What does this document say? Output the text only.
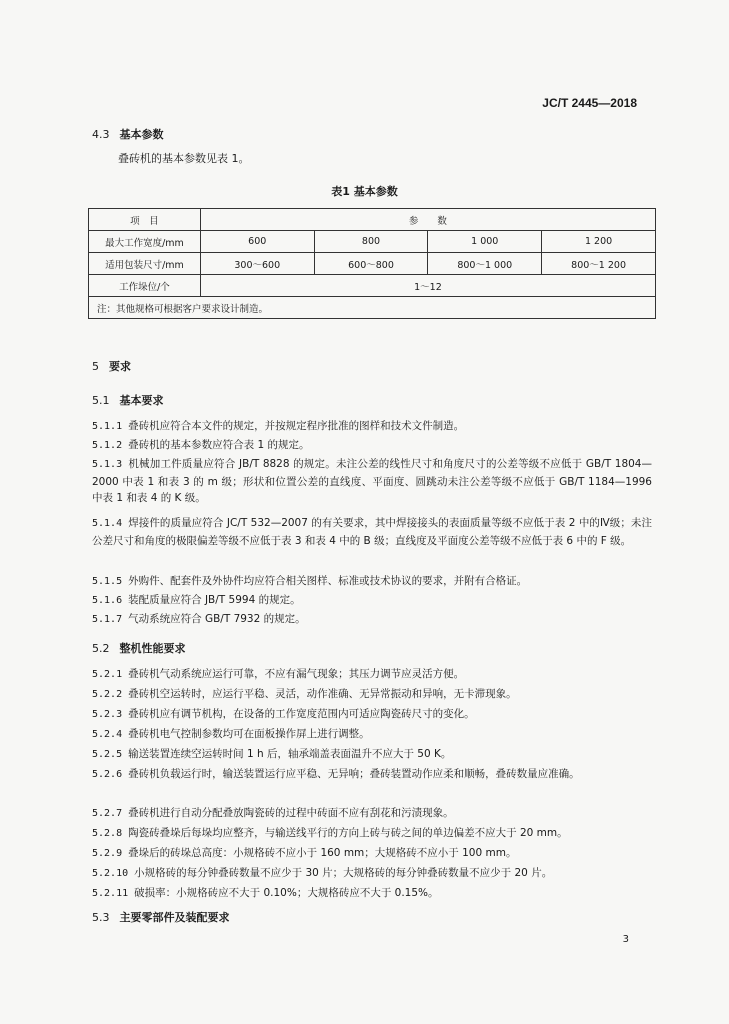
JC/T 2445—2018
4.3 基本参数
叠砖机的基本参数见表 1。
表1 基本参数
项　目	参　　数			
最大工作宽度/mm	600	800	1 000	1 200
适用包装尺寸/mm	300～600	600～800	800～1 000	800～1 200
工作垛位/个	1～12			
注：其他规格可根据客户要求设计制造。				
5 要求
5.1 基本要求
5.1.1 叠砖机应符合本文件的规定，并按规定程序批准的图样和技术文件制造。
5.1.2 叠砖机的基本参数应符合表 1 的规定。
5.1.3 机械加工件质量应符合 JB/T 8828 的规定。未注公差的线性尺寸和角度尺寸的公差等级不应低于 GB/T 1804—2000 中表 1 和表 3 的 m 级；形状和位置公差的直线度、平面度、圆跳动未注公差等级不应低于 GB/T 1184—1996 中表 1 和表 4 的 K 级。
5.1.4 焊接件的质量应符合 JC/T 532—2007 的有关要求，其中焊接接头的表面质量等级不应低于表 2 中的Ⅳ级；未注公差尺寸和角度的极限偏差等级不应低于表 3 和表 4 中的 B 级；直线度及平面度公差等级不应低于表 6 中的 F 级。
5.1.5 外购件、配套件及外协件均应符合相关图样、标准或技术协议的要求，并附有合格证。
5.1.6 装配质量应符合 JB/T 5994 的规定。
5.1.7 气动系统应符合 GB/T 7932 的规定。
5.2 整机性能要求
5.2.1 叠砖机气动系统应运行可靠，不应有漏气现象；其压力调节应灵活方便。
5.2.2 叠砖机空运转时，应运行平稳、灵活，动作准确、无异常振动和异响，无卡滞现象。
5.2.3 叠砖机应有调节机构，在设备的工作宽度范围内可适应陶瓷砖尺寸的变化。
5.2.4 叠砖机电气控制参数均可在面板操作屏上进行调整。
5.2.5 输送装置连续空运转时间 1 h 后，轴承端盖表面温升不应大于 50 K。
5.2.6 叠砖机负载运行时，输送装置运行应平稳、无异响；叠砖装置动作应柔和顺畅，叠砖数量应准确。
5.2.7 叠砖机进行自动分配叠放陶瓷砖的过程中砖面不应有刮花和污渍现象。
5.2.8 陶瓷砖叠垛后每垛均应整齐，与输送线平行的方向上砖与砖之间的单边偏差不应大于 20 mm。
5.2.9 叠垛后的砖垛总高度：小规格砖不应小于 160 mm；大规格砖不应小于 100 mm。
5.2.10 小规格砖的每分钟叠砖数量不应少于 30 片；大规格砖的每分钟叠砖数量不应少于 20 片。
5.2.11 破损率：小规格砖应不大于 0.10%；大规格砖应不大于 0.15%。
5.3 主要零部件及装配要求
3
